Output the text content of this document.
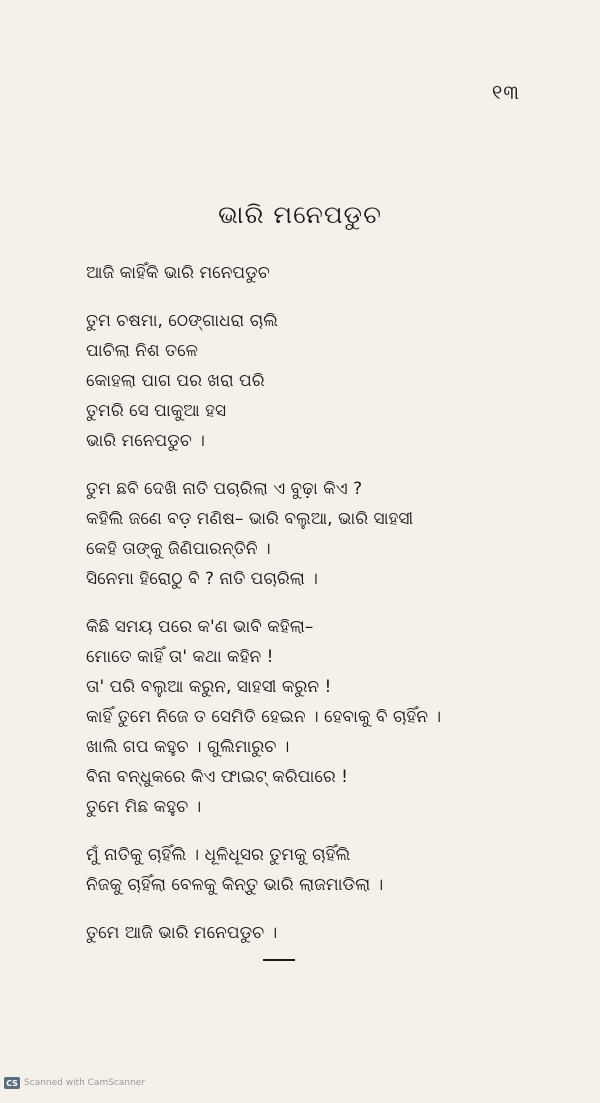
୧୩
ଭାରି ମନେପଡୁଚ
ଆଜି କାହିଁକି ଭାରି ମନେପଡୁଚ
ତୁମ ଚଷମା, ଠେଙ୍ଗାଧରା ଚାଲି
ପାଚିଲା ନିଶ ତଳେ
କୋହଲା ପାଗ ପର ଖରା ପରି
ତୁମରି ସେ ପାକୁଆ ହସ
ଭାରି ମନେପଡୁଚ ।
ତୁମ ଛବି ଦେଖି ନାତି ପଚାରିଲା ଏ ବୁଢ଼ା କିଏ ?
କହିଲି ଜଣେ ବଡ଼ ମଣିଷ– ଭାରି ବଲୁଆ, ଭାରି ସାହସୀ
କେହି ତାଙ୍କୁ ଜିଣିପାରନ୍ତିନି ।
ସିନେମା ହିରୋଠୁ ବି ? ନାତି ପଚାରିଲା ।
କିଛି ସମୟ ପରେ କ'ଣ ଭାବି କହିଲା–
ମୋତେ କାହିଁ ତା' କଥା କହିନ !
ତା' ପରି ବଲୁଆ କରୁନ, ସାହସୀ କରୁନ !
କାହିଁ ତୁମେ ନିଜେ ତ ସେମିତି ହେଇନ । ହେବାକୁ ବି ଚାହିଁନ ।
ଖାଲି ଗପ କହୁଚ । ଗୁଲିମାରୁଚ ।
ବିନା ବନ୍ଧୁକରେ କିଏ ଫାଇଟ୍ କରିପାରେ !
ତୁମେ ମିଛ କହୁଚ ।
ମୁଁ ନାତିକୁ ଚାହିଁଲି । ଧୂଳିଧୂସର ତୁମକୁ ଚାହିଁଲି
ନିଜକୁ ଚାହିଁଲା ବେଳକୁ କିନ୍ତୁ ଭାରି ଲାଜମାଡିଲା ।
ତୁମେ ଆଜି ଭାରି ମନେପଡୁଚ ।
CS Scanned with CamScanner
